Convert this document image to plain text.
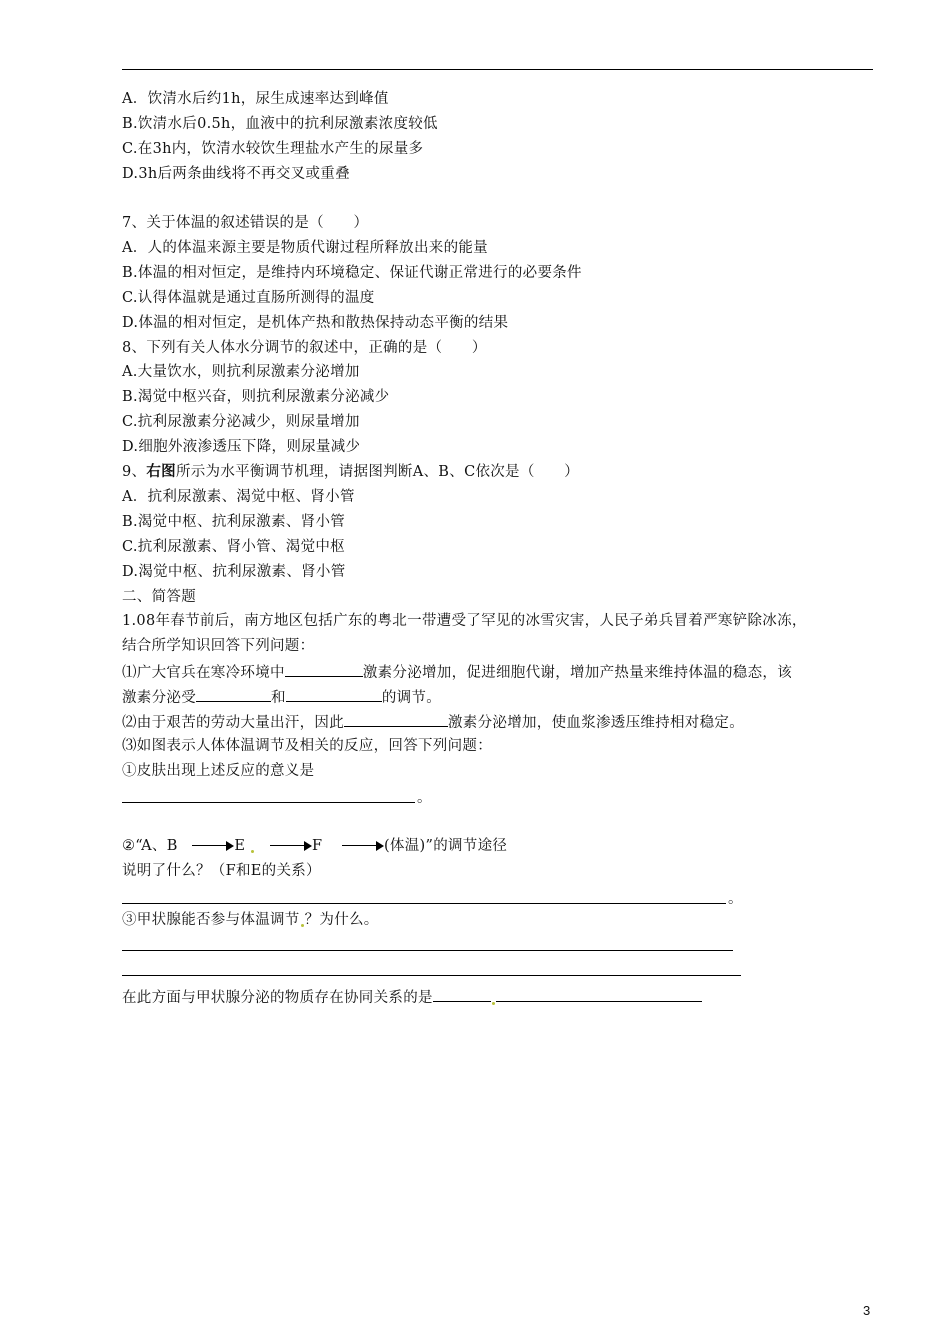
A．饮清水后约1h，尿生成速率达到峰值
B.饮清水后0.5h，血液中的抗利尿激素浓度较低
C.在3h内，饮清水较饮生理盐水产生的尿量多
D.3h后两条曲线将不再交叉或重叠
7、关于体温的叙述错误的是（　　）
A．人的体温来源主要是物质代谢过程所释放出来的能量
B.体温的相对恒定，是维持内环境稳定、保证代谢正常进行的必要条件
C.认得体温就是通过直肠所测得的温度
D.体温的相对恒定，是机体产热和散热保持动态平衡的结果
8、下列有关人体水分调节的叙述中，正确的是（　　）
A.大量饮水，则抗利尿激素分泌增加
B.渴觉中枢兴奋，则抗利尿激素分泌减少
C.抗利尿激素分泌减少，则尿量增加
D.细胞外液渗透压下降，则尿量减少
9、右图所示为水平衡调节机理，请据图判断A、B、C依次是（　　）
A．抗利尿激素、渴觉中枢、肾小管
B.渴觉中枢、抗利尿激素、肾小管
C.抗利尿激素、肾小管、渴觉中枢
D.渴觉中枢、抗利尿激素、肾小管
二、简答题
1.08年春节前后，南方地区包括广东的粤北一带遭受了罕见的冰雪灾害，人民子弟兵冒着严寒铲除冰冻，
结合所学知识回答下列问题：
⑴广大官兵在寒冷环境中	激素分泌增加，促进细胞代谢，增加产热量来维持体温的稳态，该
激素分泌受	和	的调节。
⑵由于艰苦的劳动大量出汗，因此	激素分泌增加，使血浆渗透压维持相对稳定。
⑶如图表示人体体温调节及相关的反应，回答下列问题：
①皮肤出现上述反应的意义是
。
②“A、B	E	F	(体温)”的调节途径
说明了什么？（F和E的关系）
。
③甲状腺能否参与体温调节 ？为什么。
在此方面与甲状腺分泌的物质存在协同关系的是
3
